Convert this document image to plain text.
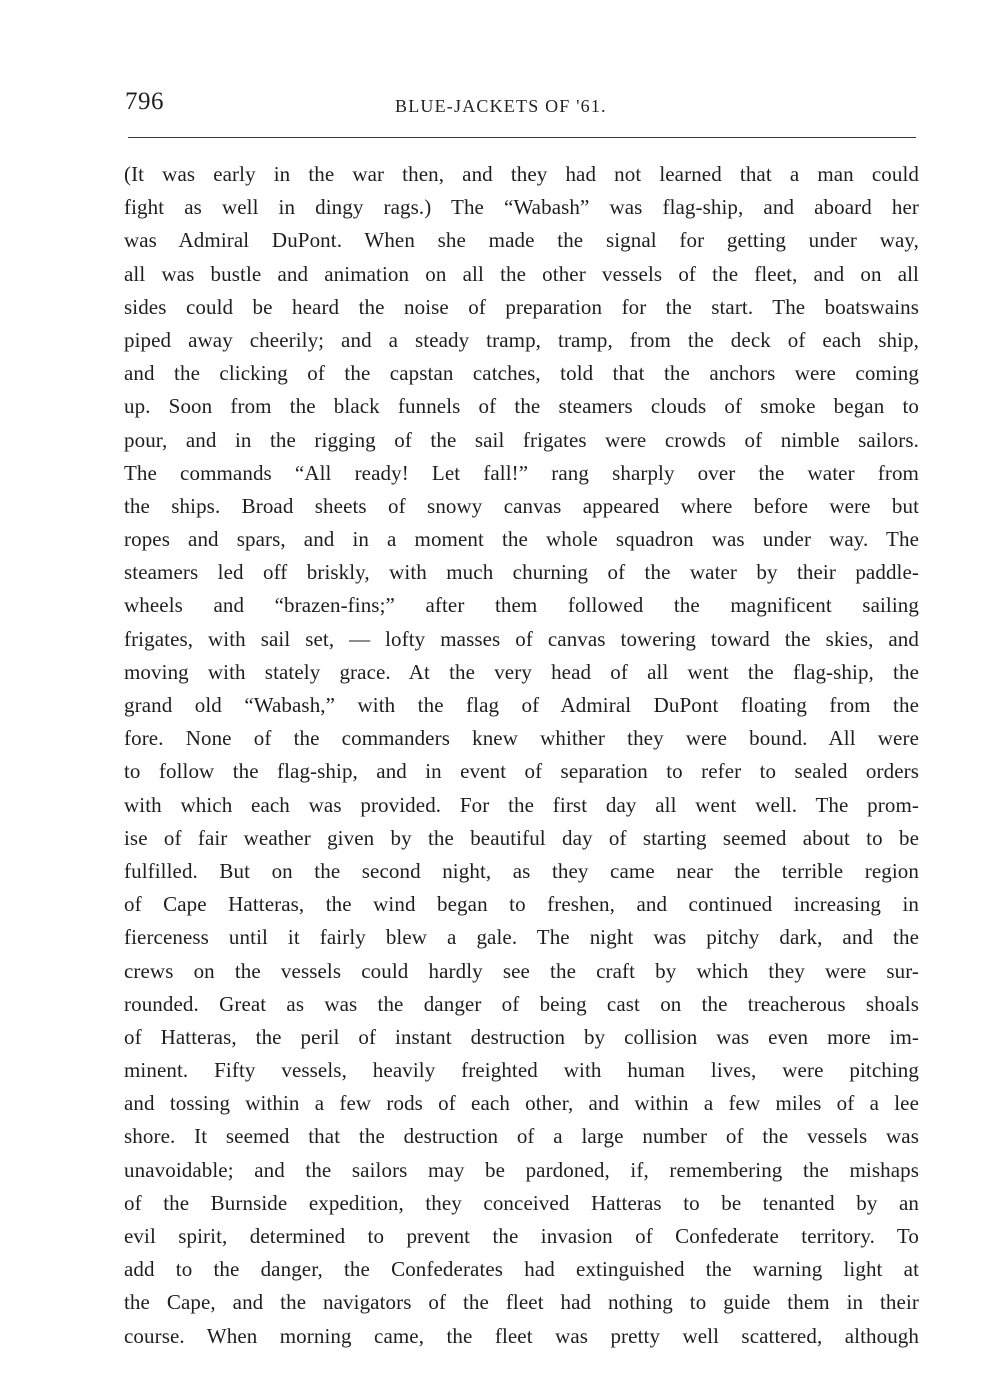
796	BLUE-JACKETS OF '61.
(It was early in the war then, and they had not learned that a man could
fight as well in dingy rags.) The “Wabash” was flag-ship, and aboard her
was Admiral DuPont. When she made the signal for getting under way,
all was bustle and animation on all the other vessels of the fleet, and on all
sides could be heard the noise of preparation for the start. The boatswains
piped away cheerily; and a steady tramp, tramp, from the deck of each ship,
and the clicking of the capstan catches, told that the anchors were coming
up. Soon from the black funnels of the steamers clouds of smoke began to
pour, and in the rigging of the sail frigates were crowds of nimble sailors.
The commands “All ready! Let fall!” rang sharply over the water from
the ships. Broad sheets of snowy canvas appeared where before were but
ropes and spars, and in a moment the whole squadron was under way. The
steamers led off briskly, with much churning of the water by their paddle-
wheels and “brazen-fins;” after them followed the magnificent sailing
frigates, with sail set, — lofty masses of canvas towering toward the skies, and
moving with stately grace. At the very head of all went the flag-ship, the
grand old “Wabash,” with the flag of Admiral DuPont floating from the
fore. None of the commanders knew whither they were bound. All were
to follow the flag-ship, and in event of separation to refer to sealed orders
with which each was provided. For the first day all went well. The prom-
ise of fair weather given by the beautiful day of starting seemed about to be
fulfilled. But on the second night, as they came near the terrible region
of Cape Hatteras, the wind began to freshen, and continued increasing in
fierceness until it fairly blew a gale. The night was pitchy dark, and the
crews on the vessels could hardly see the craft by which they were sur-
rounded. Great as was the danger of being cast on the treacherous shoals
of Hatteras, the peril of instant destruction by collision was even more im-
minent. Fifty vessels, heavily freighted with human lives, were pitching
and tossing within a few rods of each other, and within a few miles of a lee
shore. It seemed that the destruction of a large number of the vessels was
unavoidable; and the sailors may be pardoned, if, remembering the mishaps
of the Burnside expedition, they conceived Hatteras to be tenanted by an
evil spirit, determined to prevent the invasion of Confederate territory. To
add to the danger, the Confederates had extinguished the warning light at
the Cape, and the navigators of the fleet had nothing to guide them in their
course. When morning came, the fleet was pretty well scattered, although
